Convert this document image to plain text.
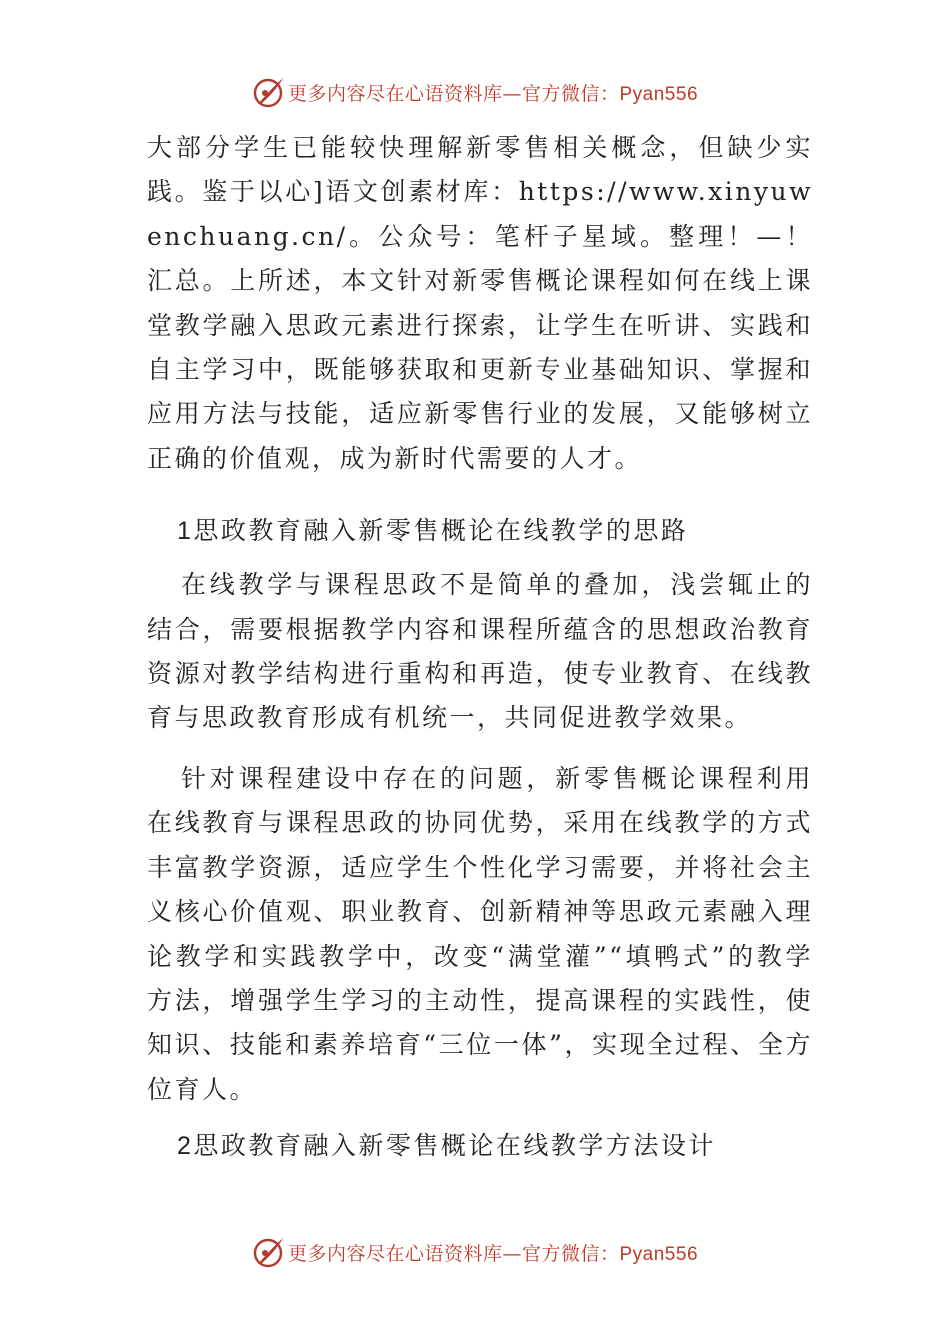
更多内容尽在心语资料库—官方微信：Pyan556

大部分学生已能较快理解新零售相关概念，但缺少实践。鉴于以心]语文创素材库：https://www.xinyuwenchuang.cn/。公众号：笔杆子星域。整理！—！汇总。上所述，本文针对新零售概论课程如何在线上课堂教学融入思政元素进行探索，让学生在听讲、实践和自主学习中，既能够获取和更新专业基础知识、掌握和应用方法与技能，适应新零售行业的发展，又能够树立正确的价值观，成为新时代需要的人才。

1思政教育融入新零售概论在线教学的思路

在线教学与课程思政不是简单的叠加，浅尝辄止的结合，需要根据教学内容和课程所蕴含的思想政治教育资源对教学结构进行重构和再造，使专业教育、在线教育与思政教育形成有机统一，共同促进教学效果。

针对课程建设中存在的问题，新零售概论课程利用在线教育与课程思政的协同优势，采用在线教学的方式丰富教学资源，适应学生个性化学习需要，并将社会主义核心价值观、职业教育、创新精神等思政元素融入理论教学和实践教学中，改变“满堂灌”“填鸭式”的教学方法，增强学生学习的主动性，提高课程的实践性，使知识、技能和素养培育“三位一体”，实现全过程、全方位育人。

2思政教育融入新零售概论在线教学方法设计
更多内容尽在心语资料库—官方微信：Pyan556
